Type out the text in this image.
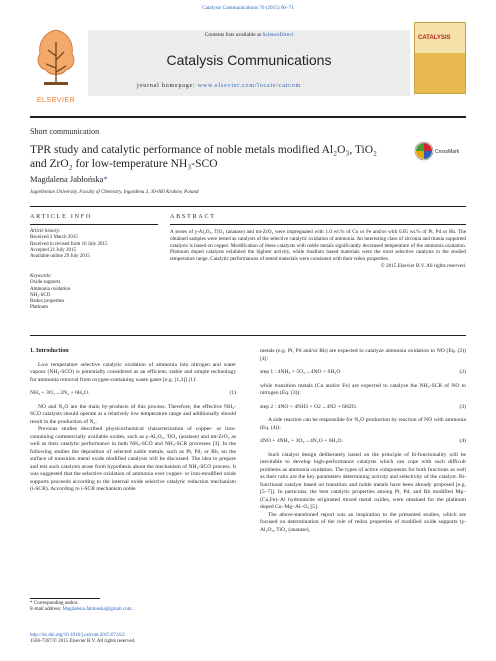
Catalysis Communications 70 (2015) 66–71
ELSEVIER
Contents lists available at ScienceDirect
Catalysis Communications
CATALYSIS
journal homepage: www.elsevier.com/locate/catcom
Short communication
TPR study and catalytic performance of noble metals modified Al₂O₃, TiO₂ and ZrO₂ for low-temperature NH₃-SCO
CrossMark
Magdalena Jabłońska*
Jagiellonian University, Faculty of Chemistry, Ingardena 3, 30-060 Kraków, Poland
ARTICLE INFO	ABSTRACT
Article history:
Received 2 March 2015
Received in revised form 16 July 2015
Accepted 21 July 2015
Available online 29 July 2015
Keywords:
Oxide supports
Ammonia oxidation
NH₃-SCO
Redox properties
Platinum
A series of γ-Al₂O₃, TiO₂ (anatase) and mt-ZrO₂ were impregnated with 1.0 wt.% of Cu or Fe and/or with 0.05 wt.% of Pt, Pd or Rh. The obtained samples were tested as catalysts of the selective catalytic oxidation of ammonia. An interesting class of zirconia and titania supported catalysts is based on copper. Modification of these catalysts with noble metals significantly decreased temperature of the ammonia oxidation. Platinum doped catalysts exhibited the highest activity, while rhodium based materials were the most selective catalysts in the studied temperature range. Catalytic performances of tested materials were consistent with their redox properties.
© 2015 Elsevier B.V. All rights reserved.
1. Introduction

Low temperature selective catalytic oxidation of ammonia into nitrogen and water vapour (NH₃-SCO) is potentially considered as an efficient, stable and simple technology for ammonia removal from oxygen-containing waste gases [e.g. [1,2]] (1):

NH₃ + 3O₂→2N₂ + 6H₂O.	(1)

NO and N₂O are the main by-products of this process. Therefore, the effective NH₃-SCO catalysts should operate at a relatively low temperature range and additionally should result in the production of N₂.

Previous studies described physicochemical characterization of copper- or iron-containing commercially available oxides, such as γ-Al₂O₃, TiO₂ (anatase) and mt-ZrO₂ as well as their catalytic performance in both NH₃-SCO and NH₃-SCR processes [3]. In the following studies the deposition of selected noble metals, such as Pt, Pd, or Rh, on the surface of transition metal oxide modified catalysts will be discussed. The idea to prepare and test such catalysts arose from hypothesis about the mechanism of NH₃-SCO process. It was suggested that the selective oxidation of ammonia over copper- or iron-modified oxide supports proceeds according to the internal oxide selective catalytic reduction mechanism (i-SCR). According to i-SCR mechanism noble

metals (e.g. Pt, Pd and/or Rh) are expected to catalyze ammonia oxidation to NO (Eq. (2)) [4]:

step 1 : 4NH₃ + 5O₂→4NO + 6H₂O	(2)

while transition metals (Cu and/or Fe) are expected to catalyze the NH₃-SCR of NO to nitrogen (Eq. (3)):

step 2 : 4NO + 4NH3 + O2→4N2 + 6H2O.	(3)

A side reaction can be responsible for N₂O production by reaction of NO with ammonia (Eq. (4)):

4NO + 4NH₃ + 3O₂→4N₂O + 6H₂O.	(4)

Such catalyst design deliberately based on the principle of bi-functionality will be inevitable to develop high-performance catalysts which can cope with such difficult problems as ammonia oxidation. The types of active components for both functions as well as their ratio are the key parameters determining activity and selectivity of the catalyst. Bi-functional catalyst based on transition and noble metals have been already proposed [e.g. [5–7]]. In particular, the best catalytic properties among Pt, Pd, and Rh modified Mg–(Cu,Fe)–Al hydrotalcite originated mixed metal oxides, were obtained for the platinum doped Cu–Mg–Al–Oₓ [5].

The above-mentioned report was an inspiration to the presented studies, which are focused on determination of the role of redox properties of modified oxide supports (γ-Al₂O₃, TiO₂ (anatase),

* Corresponding author.
E-mail address: Magdalena.Jablonska@gmail.com.
http://dx.doi.org/10.1016/j.catcom.2015.07.012
1566-7367/© 2015 Elsevier B.V. All rights reserved.
